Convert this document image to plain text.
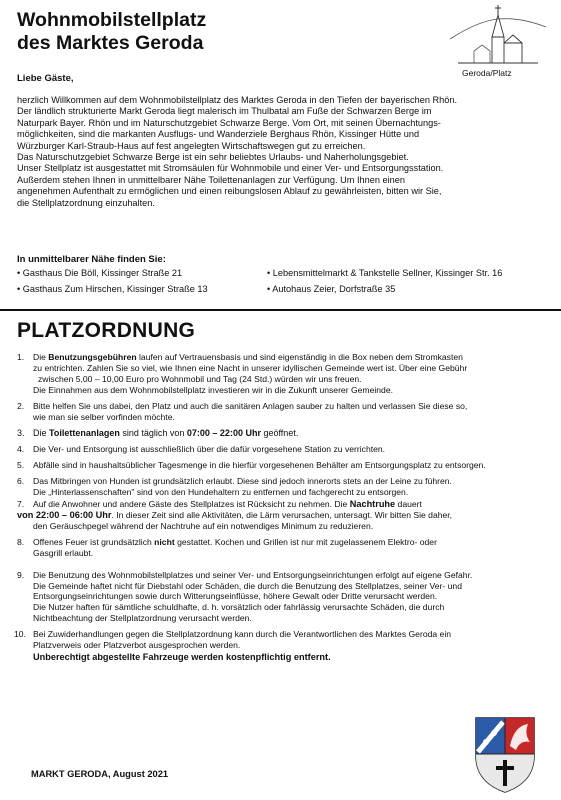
Wohnmobilstellplatz
des Marktes Geroda
Geroda/Platz
Liebe Gäste,

herzlich Willkommen auf dem Wohnmobilstellplatz des Marktes Geroda in den Tiefen der bayerischen Rhön.

Der ländlich strukturierte Markt Geroda liegt malerisch im Thulbatal am Fuße der Schwarzen Berge im

Naturpark Bayer. Rhön und im Naturschutzgebiet Schwarze Berge. Vom Ort, mit seinen Übernachtungs-

möglichkeiten, sind die markanten Ausflugs- und Wanderziele Berghaus Rhön, Kissinger Hütte und

Würzburger Karl-Straub-Haus auf fest angelegten Wirtschaftswegen gut zu erreichen.

Das Naturschutzgebiet Schwarze Berge ist ein sehr beliebtes Urlaubs- und Naherholungsgebiet.

Unser Stellplatz ist ausgestattet mit Stromsäulen für Wohnmobile und einer Ver- und Entsorgungsstation.

Außerdem stehen Ihnen in unmittelbarer Nähe Toilettenanlagen zur Verfügung. Um Ihnen einen

angenehmen Aufenthalt zu ermöglichen und einen reibungslosen Ablauf zu gewährleisten, bitten wir Sie,

die Stellplatzordnung einzuhalten.

In unmittelbarer Nähe finden Sie:
• Gasthaus Die Böll, Kissinger Straße 21
• Gasthaus Zum Hirschen, Kissinger Straße 13
• Lebensmittelmarkt & Tankstelle Sellner, Kissinger Str. 16
• Autohaus Zeier, Dorfstraße 35
PLATZORDNUNG
1. Die Benutzungsgebühren laufen auf Vertrauensbasis und sind eigenständig in die Box neben dem Stromkasten
zu entrichten. Zahlen Sie so viel, wie Ihnen eine Nacht in unserer idyllischen Gemeinde wert ist. Über eine Gebühr
zwischen 5,00 – 10,00 Euro pro Wohnmobil und Tag (24 Std.) würden wir uns freuen.
Die Einnahmen aus dem Wohnmobilstellplatz investieren wir in die Zukunft unserer Gemeinde.
2. Bitte helfen Sie uns dabei, den Platz und auch die sanitären Anlagen sauber zu halten und verlassen Sie diese so,
wie man sie selber vorfinden möchte.
3. Die Toilettenanlagen sind täglich von 07:00 – 22:00 Uhr geöffnet.
4. Die Ver- und Entsorgung ist ausschließlich über die dafür vorgesehene Station zu verrichten.
5. Abfälle sind in haushaltsüblicher Tagesmenge in die hierfür vorgesehenen Behälter am Entsorgungsplatz zu entsorgen.
6. Das Mitbringen von Hunden ist grundsätzlich erlaubt. Diese sind jedoch innerorts stets an der Leine zu führen.
Die „Hinterlassenschaften" sind von den Hundehaltern zu entfernen und fachgerecht zu entsorgen.
7. Auf die Anwohner und andere Gäste des Stellplatzes ist Rücksicht zu nehmen. Die Nachtruhe dauert
von 22:00 – 06:00 Uhr. In dieser Zeit sind alle Aktivitäten, die Lärm verursachen, untersagt. Wir bitten Sie daher,
den Geräuschpegel während der Nachtruhe auf ein notwendiges Minimum zu reduzieren.
8. Offenes Feuer ist grundsätzlich nicht gestattet. Kochen und Grillen ist nur mit zugelassenem Elektro- oder
Gasgrill erlaubt.
9. Die Benutzung des Wohnmobilstellplatzes und seiner Ver- und Entsorgungseinrichtungen erfolgt auf eigene Gefahr.
Die Gemeinde haftet nicht für Diebstahl oder Schäden, die durch die Benutzung des Stellplatzes, seiner Ver- und
Entsorgungseinrichtungen sowie durch Witterungseinflüsse, höhere Gewalt oder Dritte verursacht werden.
Die Nutzer haften für sämtliche schuldhafte, d. h. vorsätzlich oder fahrlässig verursachte Schäden, die durch
Nichtbeachtung der Stellplatzordnung verursacht werden.
10. Bei Zuwiderhandlungen gegen die Stellplatzordnung kann durch die Verantwortlichen des Marktes Geroda ein
Platzverweis oder Platzverbot ausgesprochen werden.
Unberechtigt abgestellte Fahrzeuge werden kostenpflichtig entfernt.
MARKT GERODA, August 2021
